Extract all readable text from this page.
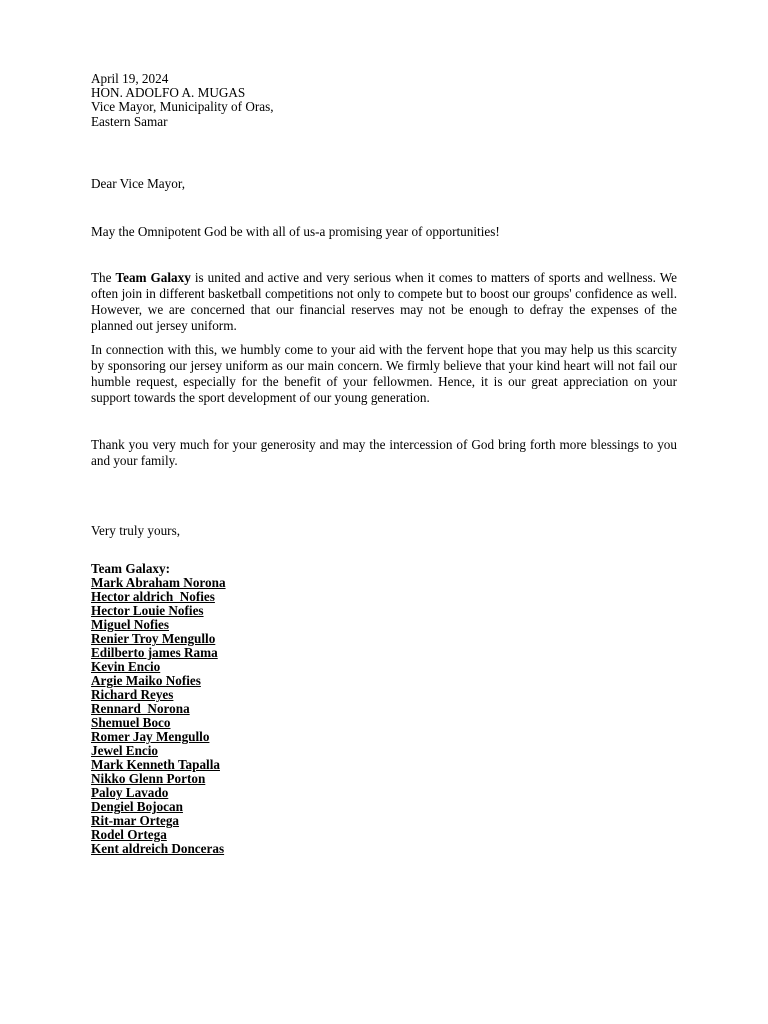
April 19, 2024
HON. ADOLFO A. MUGAS
Vice Mayor, Municipality of Oras,
Eastern Samar
Dear Vice Mayor,
May the Omnipotent God be with all of us-a promising year of opportunities!
The Team Galaxy is united and active and very serious when it comes to matters of sports and wellness. We often join in different basketball competitions not only to compete but to boost our groups' confidence as well. However, we are concerned that our financial reserves may not be enough to defray the expenses of the planned out jersey uniform.
In connection with this, we humbly come to your aid with the fervent hope that you may help us this scarcity by sponsoring our jersey uniform as our main concern. We firmly believe that your kind heart will not fail our humble request, especially for the benefit of your fellowmen. Hence, it is our great appreciation on your support towards the sport development of our young generation.
Thank you very much for your generosity and may the intercession of God bring forth more blessings to you and your family.
Very truly yours,
Team Galaxy:
Mark Abraham Norona
Hector aldrich  Nofies
Hector Louie Nofies
Miguel Nofies
Renier Troy Mengullo
Edilberto james Rama
Kevin Encio
Argie Maiko Nofies
Richard Reyes
Rennard  Norona
Shemuel Boco
Romer Jay Mengullo
Jewel Encio
Mark Kenneth Tapalla
Nikko Glenn Porton
Paloy Lavado
Dengiel Bojocan
Rit-mar Ortega
Rodel Ortega
Kent aldreich Donceras
